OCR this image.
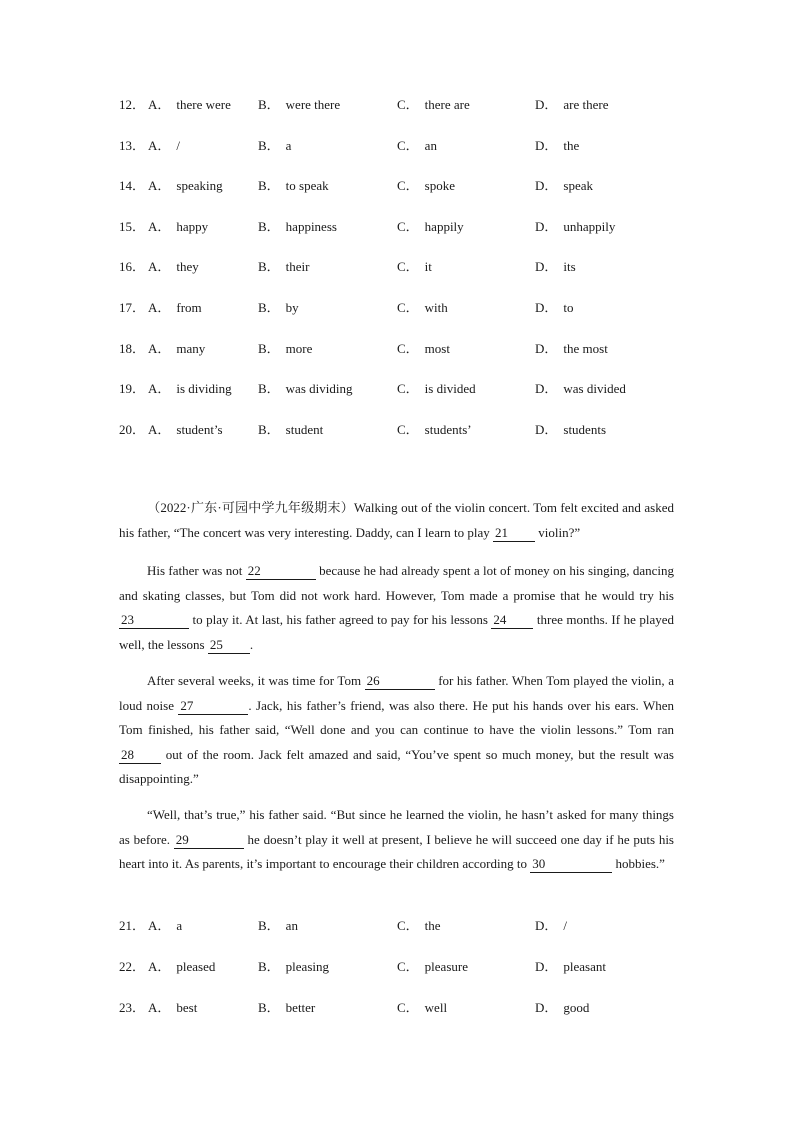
12． A． there were B． were there	C． there are	D． are there
13． A． /	B． a	C． an	D． the
14． A． speaking	B． to speak	C． spoke	D． speak
15． A． happy	B． happiness	C． happily	D． unhappily
16． A． they	B． their	C． it	D． its
17． A． from	B． by	C． with	D． to
18． A． many	B． more	C． most	D． the most
19． A． is dividing B． was dividing	C． is divided	D． was divided
20． A． student’s	B． student	C． students’	D． students
（2022·广东·可园中学九年级期末）Walking out of the violin concert. Tom felt excited and asked his father, “The concert was very interesting. Daddy, can I learn to play 21 violin?”
His father was not 22	because he had already spent a lot of money on his singing, dancing and skating classes, but Tom did not work hard. However, Tom made a promise that he would try his 23	to play it. At last, his father agreed to pay for his lessons 24 three months. If he played well, the lessons 25 .
After several weeks, it was time for Tom 26	for his father. When Tom played the violin, a loud noise 27	. Jack, his father’s friend, was also there. He put his hands over his ears. When Tom finished, his father said, “Well done and you can continue to have the violin lessons.” Tom ran 28 out of the room. Jack felt amazed and said, “You’ve spent so much money, but the result was disappointing.”
“Well, that’s true,” his father said. “But since he learned the violin, he hasn’t asked for many things as before. 29	he doesn’t play it well at present, I believe he will succeed one day if he puts his heart into it. As parents, it’s important to encourage their children according to 30	hobbies.”
21． A． a	B． an	C． the	D． /
22． A． pleased	B． pleasing	C． pleasure	D． pleasant
23． A． best	B． better	C． well	D． good
